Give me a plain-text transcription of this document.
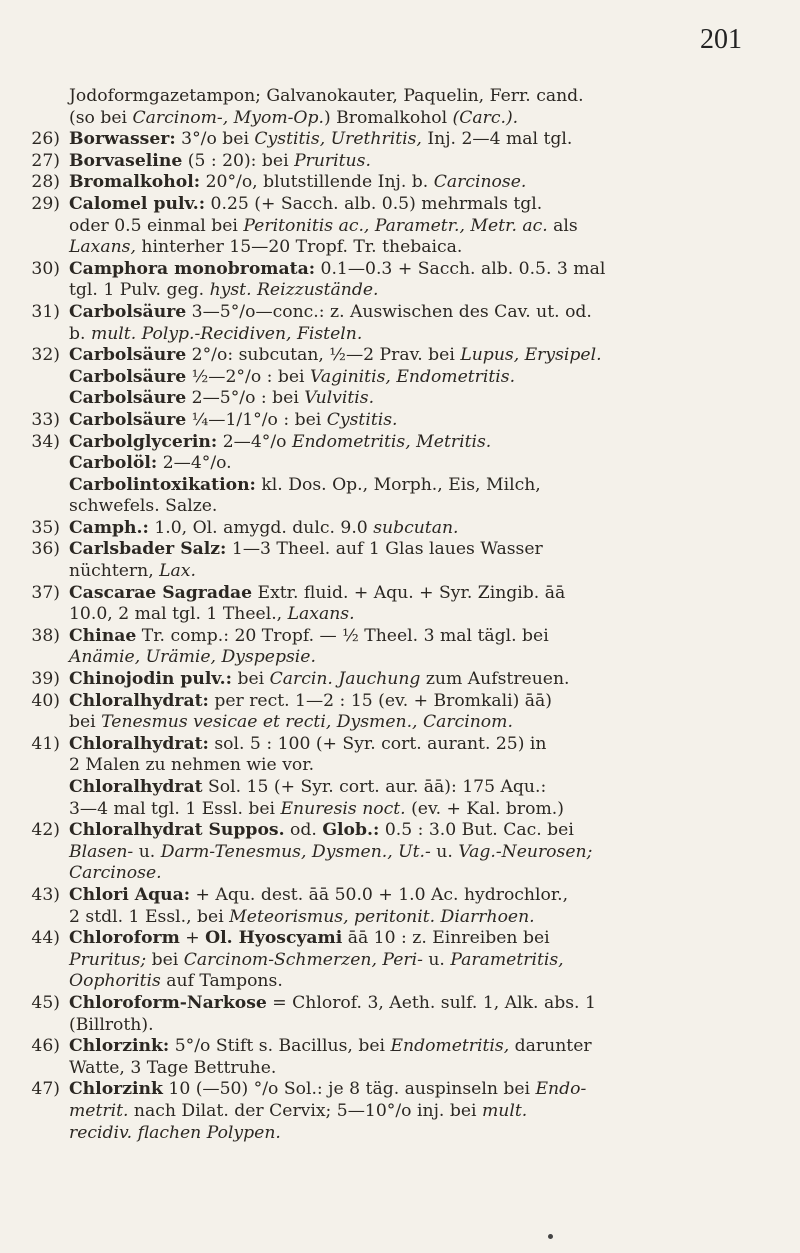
201
Jodoformgazetampon; Galvanokauter, Paquelin, Ferr. cand.
(so bei Carcinom-, Myom-Op.) Bromalkohol (Carc.).
26) Borwasser: 3°/o bei Cystitis, Urethritis, Inj. 2—4 mal tgl.
27) Borvaseline (5 : 20): bei Pruritus.
28) Bromalkohol: 20°/o, blutstillende Inj. b. Carcinose.
29) Calomel pulv.: 0.25 (+ Sacch. alb. 0.5) mehrmals tgl.
oder 0.5 einmal bei Peritonitis ac., Parametr., Metr. ac. als
Laxans, hinterher 15—20 Tropf. Tr. thebaica.
30) Camphora monobromata: 0.1—0.3 + Sacch. alb. 0.5. 3 mal
tgl. 1 Pulv. geg. hyst. Reizzustände.
31) Carbolsäure 3—5°/o—conc.: z. Auswischen des Cav. ut. od.
b. mult. Polyp.-Recidiven, Fisteln.
32) Carbolsäure 2°/o: subcutan, ½—2 Prav. bei Lupus, Erysipel.
Carbolsäure ½—2°/o : bei Vaginitis, Endometritis.
Carbolsäure 2—5°/o : bei Vulvitis.
33) Carbolsäure ¼—1/1°/o : bei Cystitis.
34) Carbolglycerin: 2—4°/o Endometritis, Metritis.
Carbolöl: 2—4°/o.
Carbolintoxikation: kl. Dos. Op., Morph., Eis, Milch,
schwefels. Salze.
35) Camph.: 1.0, Ol. amygd. dulc. 9.0 subcutan.
36) Carlsbader Salz: 1—3 Theel. auf 1 Glas laues Wasser
nüchtern, Lax.
37) Cascarae Sagradae Extr. fluid. + Aqu. + Syr. Zingib. āā
10.0, 2 mal tgl. 1 Theel., Laxans.
38) Chinae Tr. comp.: 20 Tropf. — ½ Theel. 3 mal tägl. bei
Anämie, Urämie, Dyspepsie.
39) Chinojodin pulv.: bei Carcin. Jauchung zum Aufstreuen.
40) Chloralhydrat: per rect. 1—2 : 15 (ev. + Bromkali) āā)
bei Tenesmus vesicae et recti, Dysmen., Carcinom.
41) Chloralhydrat: sol. 5 : 100 (+ Syr. cort. aurant. 25) in
2 Malen zu nehmen wie vor.
Chloralhydrat Sol. 15 (+ Syr. cort. aur. āā): 175 Aqu.:
3—4 mal tgl. 1 Essl. bei Enuresis noct. (ev. + Kal. brom.)
42) Chloralhydrat Suppos. od. Glob.: 0.5 : 3.0 But. Cac. bei
Blasen- u. Darm-Tenesmus, Dysmen., Ut.- u. Vag.-Neurosen;
Carcinose.
43) Chlori Aqua: + Aqu. dest. āā 50.0 + 1.0 Ac. hydrochlor.,
2 stdl. 1 Essl., bei Meteorismus, peritonit. Diarrhoen.
44) Chloroform + Ol. Hyoscyami āā 10 : z. Einreiben bei
Pruritus; bei Carcinom-Schmerzen, Peri- u. Parametritis,
Oophoritis auf Tampons.
45) Chloroform-Narkose = Chlorof. 3, Aeth. sulf. 1, Alk. abs. 1
(Billroth).
46) Chlorzink: 5°/o Stift s. Bacillus, bei Endometritis, darunter
Watte, 3 Tage Bettruhe.
47) Chlorzink 10 (—50) °/o Sol.: je 8 täg. auspinseln bei Endo-
metrit. nach Dilat. der Cervix; 5—10°/o inj. bei mult.
recidiv. flachen Polypen.
